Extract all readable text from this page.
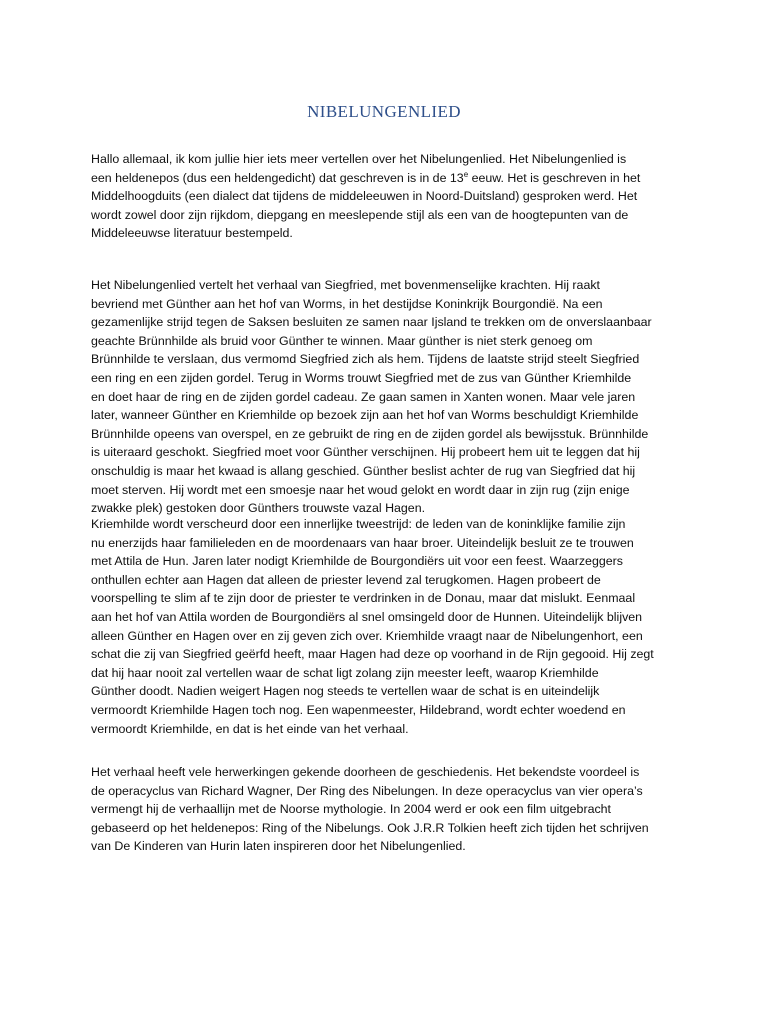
NIBELUNGENLIED
Hallo allemaal, ik kom jullie hier iets meer vertellen over het Nibelungenlied. Het Nibelungenlied is
een heldenepos (dus een heldengedicht) dat geschreven is in de 13e eeuw. Het is geschreven in het
Middelhoogduits (een dialect dat tijdens de middeleeuwen in Noord-Duitsland) gesproken werd. Het
wordt zowel door zijn rijkdom, diepgang en meeslepende stijl als een van de hoogtepunten van de
Middeleeuwse literatuur bestempeld.
Het Nibelungenlied vertelt het verhaal van Siegfried, met bovenmenselijke krachten. Hij raakt
bevriend met Günther aan het hof van Worms, in het destijdse Koninkrijk Bourgondië. Na een
gezamenlijke strijd tegen de Saksen besluiten ze samen naar Ijsland te trekken om de onverslaanbaar
geachte Brünnhilde als bruid voor Günther te winnen. Maar günther is niet sterk genoeg om
Brünnhilde te verslaan, dus vermomd Siegfried zich als hem. Tijdens de laatste strijd steelt Siegfried
een ring en een zijden gordel. Terug in Worms trouwt Siegfried met de zus van Günther Kriemhilde
en doet haar de ring en de zijden gordel cadeau. Ze gaan samen in Xanten wonen. Maar vele jaren
later, wanneer Günther en Kriemhilde op bezoek zijn aan het hof van Worms beschuldigt Kriemhilde
Brünnhilde opeens van overspel, en ze gebruikt de ring en de zijden gordel als bewijsstuk. Brünnhilde
is uiteraard geschokt. Siegfried moet voor Günther verschijnen. Hij probeert hem uit te leggen dat hij
onschuldig is maar het kwaad is allang geschied. Günther beslist achter de rug van Siegfried dat hij
moet sterven. Hij wordt met een smoesje naar het woud gelokt en wordt daar in zijn rug (zijn enige
zwakke plek) gestoken door Günthers trouwste vazal Hagen.
Kriemhilde wordt verscheurd door een innerlijke tweestrijd: de leden van de koninklijke familie zijn
nu enerzijds haar familieleden en de moordenaars van haar broer. Uiteindelijk besluit ze te trouwen
met Attila de Hun. Jaren later nodigt Kriemhilde de Bourgondiërs uit voor een feest. Waarzeggers
onthullen echter aan Hagen dat alleen de priester levend zal terugkomen. Hagen probeert de
voorspelling te slim af te zijn door de priester te verdrinken in de Donau, maar dat mislukt. Eenmaal
aan het hof van Attila worden de Bourgondiërs al snel omsingeld door de Hunnen. Uiteindelijk blijven
alleen Günther en Hagen over en zij geven zich over. Kriemhilde vraagt naar de Nibelungenhort, een
schat die zij van Siegfried geërfd heeft, maar Hagen had deze op voorhand in de Rijn gegooid. Hij zegt
dat hij haar nooit zal vertellen waar de schat ligt zolang zijn meester leeft, waarop Kriemhilde
Günther doodt. Nadien weigert Hagen nog steeds te vertellen waar de schat is en uiteindelijk
vermoordt Kriemhilde Hagen toch nog. Een wapenmeester, Hildebrand, wordt echter woedend en
vermoordt Kriemhilde, en dat is het einde van het verhaal.
Het verhaal heeft vele herwerkingen gekende doorheen de geschiedenis. Het bekendste voordeel is
de operacyclus van Richard Wagner, Der Ring des Nibelungen. In deze operacyclus van vier opera’s
vermengt hij de verhaallijn met de Noorse mythologie. In 2004 werd er ook een film uitgebracht
gebaseerd op het heldenepos: Ring of the Nibelungs. Ook J.R.R Tolkien heeft zich tijden het schrijven
van De Kinderen van Hurin laten inspireren door het Nibelungenlied.
